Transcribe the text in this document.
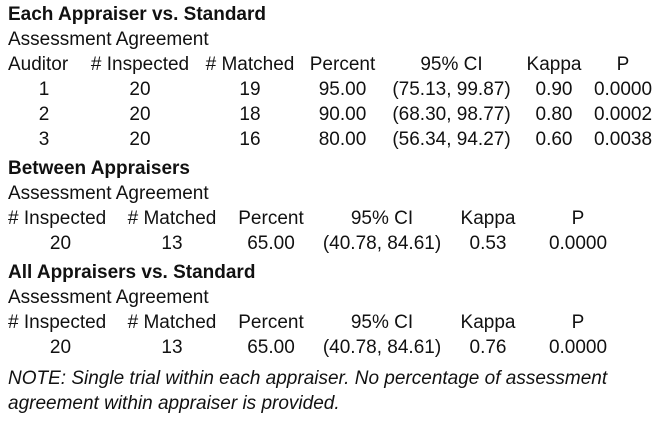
Each Appraiser vs. Standard
Assessment Agreement
Auditor	# Inspected	# Matched	Percent	95% CI	Kappa	P
1	20	19	95.00	(75.13, 99.87)	0.90	0.0000
2	20	18	90.00	(68.30, 98.77)	0.80	0.0002
3	20	16	80.00	(56.34, 94.27)	0.60	0.0038
Between Appraisers
Assessment Agreement
# Inspected	# Matched	Percent	95% CI	Kappa	P
20	13	65.00	(40.78, 84.61)	0.53	0.0000
All Appraisers vs. Standard
Assessment Agreement
# Inspected	# Matched	Percent	95% CI	Kappa	P
20	13	65.00	(40.78, 84.61)	0.76	0.0000
NOTE: Single trial within each appraiser. No percentage of assessment agreement within appraiser is provided.
